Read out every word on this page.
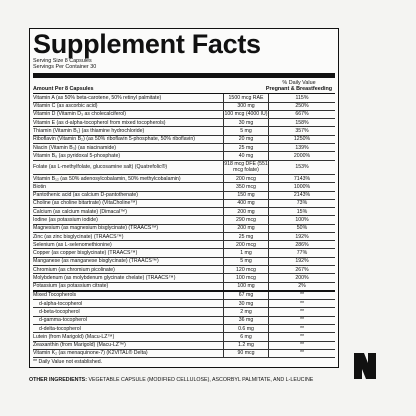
Supplement Facts
Serving Size 8 Capsules
Servings Per Container 30
Amount Per 8 Capsules
% Daily Value
Pregnant & Breastfeeding
Vitamin A (as 50% beta-carotene, 50% retinyl palmitate)	1500 mcg RAE	115%
Vitamin C (as ascorbic acid)	300 mg	250%
Vitamin D (Vitamin D₃ as cholecalciferol)	100 mcg (4000 IU)	667%
Vitamin E (as d-alpha-tocopherol from mixed tocopherols)	30 mg	158%
Thiamin (Vitamin B₁) (as thiamine hydrochloride)	5 mg	357%
Riboflavin (Vitamin B₂) (as 50% riboflavin 5-phosphate, 50% riboflavin)	20 mg	1250%
Niacin (Vitamin B₃) (as niacinamide)	25 mg	139%
Vitamin B₆ (as pyridoxal 5-phosphate)	40 mg	2000%
Folate (as L-methylfolate, glucosamine salt) (Quatrefolic®)	918 mcg DFE (551 mcg folate)	153%
Vitamin B₁₂ (as 50% adenosylcobalamin, 50% methylcobalamin)	200 mcg	7143%
Biotin	350 mcg	1000%
Pantothenic acid (as calcium D-pantothenate)	150 mg	2143%
Choline (as choline bitartrate) (VitaCholine™)	400 mg	73%
Calcium (as calcium malate) (Dimacal™)	200 mg	15%
Iodine (as potassium iodide)	290 mcg	100%
Magnesium (as magnesium bisglycinate) (TRAACS™)	200 mg	50%
Zinc (as zinc bisglycinate) (TRAACS™)	25 mg	192%
Selenium (as L-selenomethionine)	200 mcg	286%
Copper (as copper bisglycinate) (TRAACS™)	1 mg	77%
Manganese (as manganese bisglycinate) (TRAACS™)	5 mg	192%
Chromium (as chromium picolinate)	120 mcg	267%
Molybdenum (as molybdenum glycinate chelate) (TRAACS™)	100 mcg	200%
Potassium (as potassium citrate)	100 mg	2%
Mixed Tocopherols	67 mg	**
d-alpha-tocopherol	30 mg	**
d-beta-tocopherol	2 mg	**
d-gamma-tocopherol	36 mg	**
d-delta-tocopherol	0.6 mg	**
Lutein (from Marigold) (Macu-LZ™)	6 mg	**
Zeaxanthin (from Marigold) (Macu-LZ™)	1.2 mg	**
Vitamin K₂ (as menaquinone-7) (K2VITAL® Delta)	90 mcg	**
** Daily Value not established.
OTHER INGREDIENTS: VEGETABLE CAPSULE (MODIFIED CELLULOSE), ASCORBYL PALMITATE, AND L-LEUCINE
